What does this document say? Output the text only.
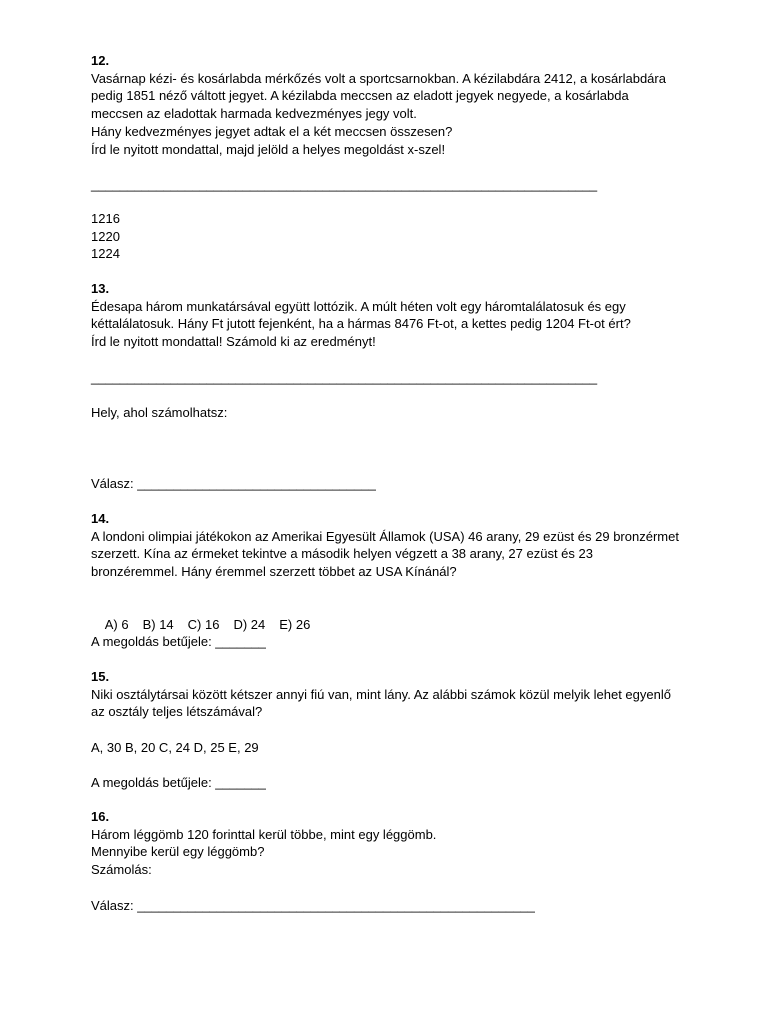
12.
Vasárnap kézi- és kosárlabda mérkőzés volt a sportcsarnokban. A kézilabdára 2412, a kosárlabdára
pedig 1851 néző váltott jegyet. A kézilabda meccsen az eladott jegyek negyede, a kosárlabda
meccsen az eladottak harmada kedvezményes jegy volt.
Hány kedvezményes jegyet adtak el a két meccsen összesen?
Írd le nyitott mondattal, majd jelöld a helyes megoldást x-szel!
______________________________________________________________________
1216
1220
1224
13.
Édesapa három munkatársával együtt lottózik. A múlt héten volt egy háromtalálatosuk és egy
kéttalálatosuk. Hány Ft jutott fejenként, ha a hármas 8476 Ft-ot, a kettes pedig 1204 Ft-ot ért?
Írd le nyitott mondattal! Számold ki az eredményt!
______________________________________________________________________
Hely, ahol számolhatsz:
Válasz: _________________________________
14.
A londoni olimpiai játékokon az Amerikai Egyesült Államok (USA) 46 arany, 29 ezüst és 29 bronzérmet
szerzett. Kína az érmeket tekintve a második helyen végzett a 38 arany, 27 ezüst és 23
bronzéremmel. Hány éremmel szerzett többet az USA Kínánál?

A) 6 B) 14 C) 16 D) 24 E) 26

A megoldás betűjele: _______
15.
Niki osztálytársai között kétszer annyi fiú van, mint lány. Az alábbi számok közül melyik lehet egyenlő
az osztály teljes létszámával?
A, 30 B, 20 C, 24 D, 25 E, 29
A megoldás betűjele: _______
16.
Három léggömb 120 forinttal kerül többe, mint egy léggömb.
Mennyibe kerül egy léggömb?
Számolás:
Válasz: _______________________________________________________
